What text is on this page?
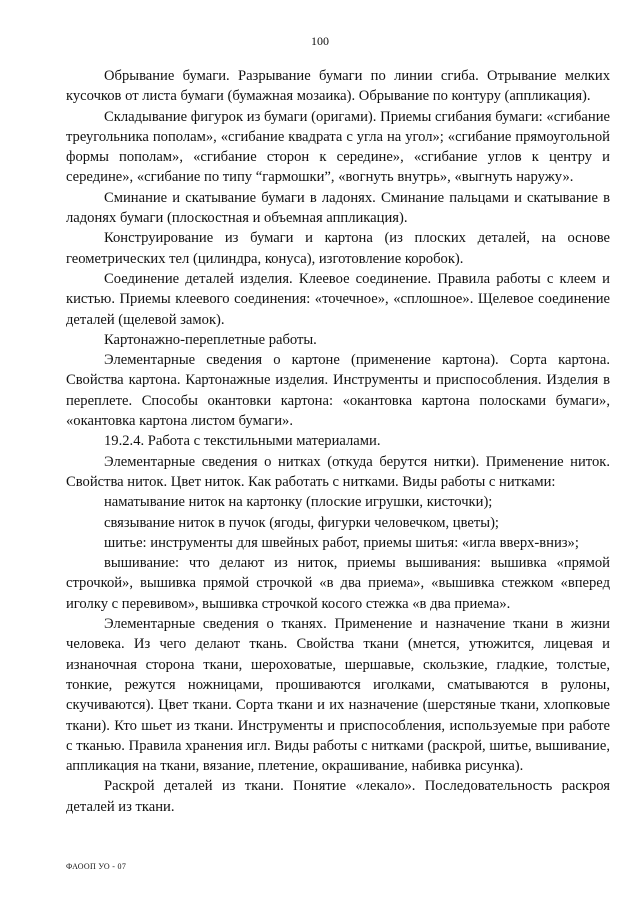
100

Обрывание бумаги. Разрывание бумаги по линии сгиба. Отрывание мелких кусочков от листа бумаги (бумажная мозаика). Обрывание по контуру (аппликация).

Складывание фигурок из бумаги (оригами). Приемы сгибания бумаги: «сгибание треугольника пополам», «сгибание квадрата с угла на угол»; «сгибание прямоугольной формы пополам», «сгибание сторон к середине», «сгибание углов к центру и середине», «сгибание по типу “гармошки”, «вогнуть внутрь», «выгнуть наружу».

Сминание и скатывание бумаги в ладонях. Сминание пальцами и скатывание в ладонях бумаги (плоскостная и объемная аппликация).

Конструирование из бумаги и картона (из плоских деталей, на основе геометрических тел (цилиндра, конуса), изготовление коробок).

Соединение деталей изделия. Клеевое соединение. Правила работы с клеем и кистью. Приемы клеевого соединения: «точечное», «сплошное». Щелевое соединение деталей (щелевой замок).

Картонажно-переплетные работы.

Элементарные сведения о картоне (применение картона). Сорта картона. Свойства картона. Картонажные изделия. Инструменты и приспособления. Изделия в переплете. Способы окантовки картона: «окантовка картона полосками бумаги», «окантовка картона листом бумаги».

19.2.4. Работа с текстильными материалами.

Элементарные сведения о нитках (откуда берутся нитки). Применение ниток. Свойства ниток. Цвет ниток. Как работать с нитками. Виды работы с нитками:

наматывание ниток на картонку (плоские игрушки, кисточки);

связывание ниток в пучок (ягоды, фигурки человечком, цветы);

шитье: инструменты для швейных работ, приемы шитья: «игла вверх-вниз»;

вышивание: что делают из ниток, приемы вышивания: вышивка «прямой строчкой», вышивка прямой строчкой «в два приема», «вышивка стежком «вперед иголку с перевивом», вышивка строчкой косого стежка «в два приема».

Элементарные сведения о тканях. Применение и назначение ткани в жизни человека. Из чего делают ткань. Свойства ткани (мнется, утюжится, лицевая и изнаночная сторона ткани, шероховатые, шершавые, скользкие, гладкие, толстые, тонкие, режутся ножницами, прошиваются иголками, сматываются в рулоны, скучиваются). Цвет ткани. Сорта ткани и их назначение (шерстяные ткани, хлопковые ткани). Кто шьет из ткани. Инструменты и приспособления, используемые при работе с тканью. Правила хранения игл. Виды работы с нитками (раскрой, шитье, вышивание, аппликация на ткани, вязание, плетение, окрашивание, набивка рисунка).

Раскрой деталей из ткани. Понятие «лекало». Последовательность раскроя деталей из ткани.

ФАООП УО - 07
